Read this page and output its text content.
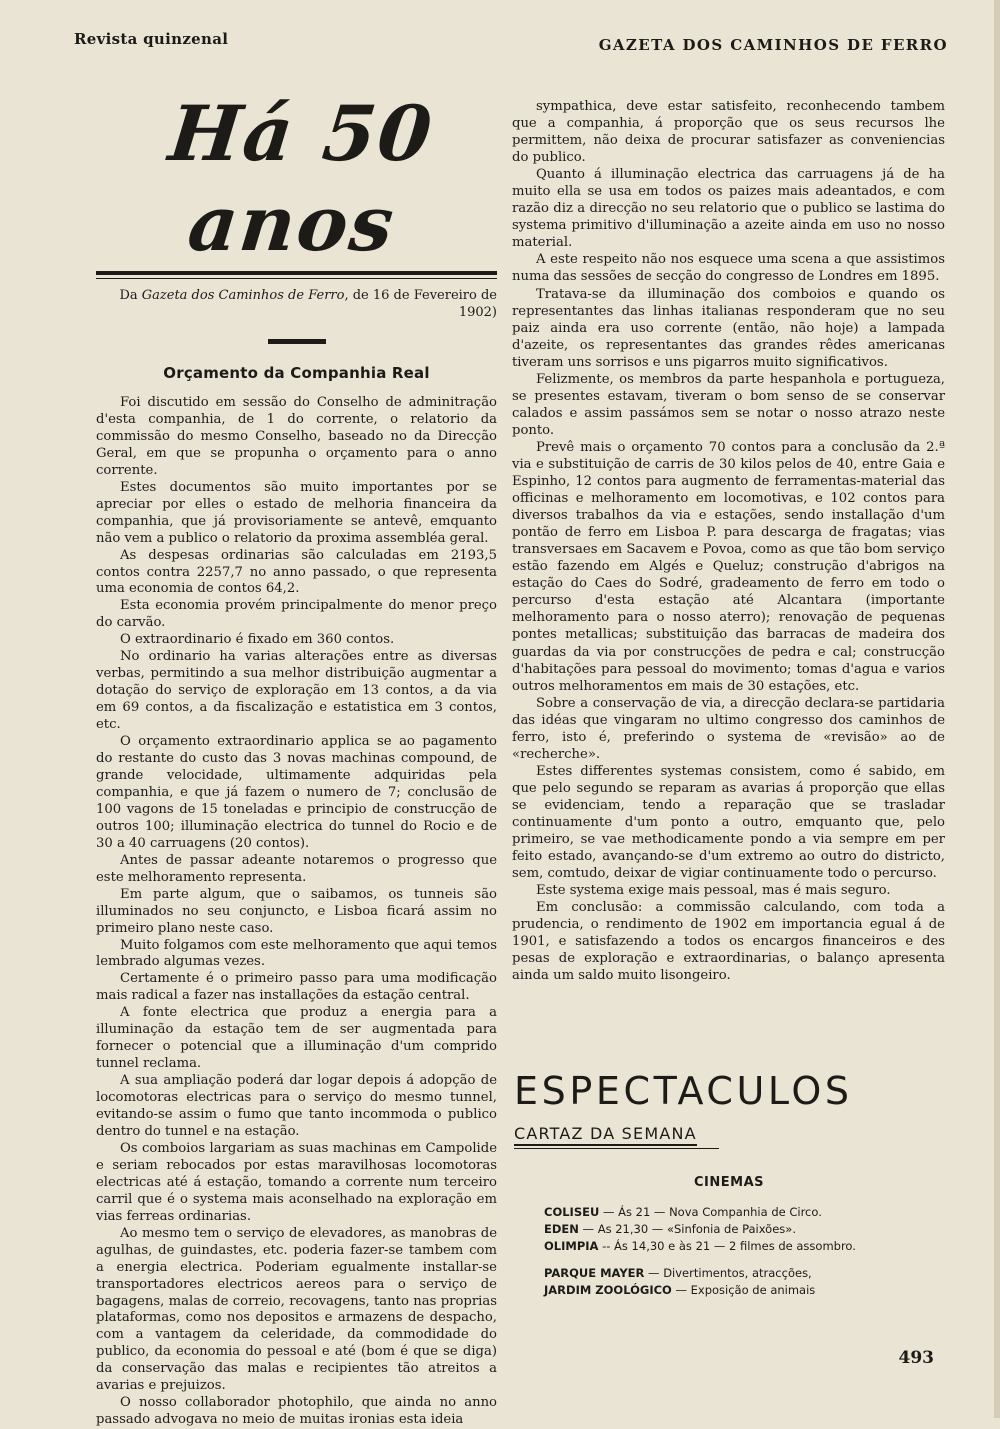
Revista quinzenal	GAZETA DOS CAMINHOS DE FERRO
Há 50 anos
Da Gazeta dos Caminhos de Ferro, de 16 de Fevereiro de 1902)
Orçamento da Companhia Real

Foi discutido em sessão do Conselho de adminitração d'esta companhia, de 1 do corrente, o relatorio da commissão do mesmo Conselho, baseado no da Direcção Geral, em que se propunha o orçamento para o anno corrente.

Estes documentos são muito importantes por se apreciar por elles o estado de melhoria financeira da companhia, que já provisoriamente se antevê, emquanto não vem a publico o relatorio da proxima assembléa geral.

As despesas ordinarias são calculadas em 2193,5 contos contra 2257,7 no anno passado, o que representa uma economia de contos 64,2.

Esta economia provém principalmente do menor preço do carvão.

O extraordinario é fixado em 360 contos.

No ordinario ha varias alterações entre as diversas verbas, permitindo a sua melhor distribuição augmentar a dotação do serviço de exploração em 13 contos, a da via em 69 contos, a da fiscalização e estatistica em 3 contos, etc.

O orçamento extraordinario applica se ao pagamento do restante do custo das 3 novas machinas compound, de grande velocidade, ultimamente adquiridas pela companhia, e que já fazem o numero de 7; conclusão de 100 vagons de 15 toneladas e principio de construcção de outros 100; illuminação electrica do tunnel do Rocio e de 30 a 40 carruagens (20 contos).

Antes de passar adeante notaremos o progresso que este melhoramento representa.

Em parte algum, que o saibamos, os tunneis são illuminados no seu conjuncto, e Lisboa ficará assim no primeiro plano neste caso.

Muito folgamos com este melhoramento que aqui temos lembrado algumas vezes.

Certamente é o primeiro passo para uma modificação mais radical a fazer nas installações da estação central.

A fonte electrica que produz a energia para a illuminação da estação tem de ser augmentada para fornecer o potencial que a illuminação d'um comprido tunnel reclama.

A sua ampliação poderá dar logar depois á adopção de locomotoras electricas para o serviço do mesmo tunnel, evitando-se assim o fumo que tanto incommoda o publico dentro do tunnel e na estação.

Os comboios largariam as suas machinas em Campolide e seriam rebocados por estas maravilhosas locomotoras electricas até á estação, tomando a corrente num terceiro carril que é o systema mais aconselhado na exploração em vias ferreas ordinarias.

Ao mesmo tem o serviço de elevadores, as manobras de agulhas, de guindastes, etc. poderia fazer-se tambem com a energia electrica. Poderiam egualmente installar-se transportadores electricos aereos para o serviço de bagagens, malas de correio, recovagens, tanto nas proprias plataformas, como nos depositos e armazens de despacho, com a vantagem da celeridade, da commodidade do publico, da economia do pessoal e até (bom é que se diga) da conservação das malas e recipientes tão atreitos a avarias e prejuizos.

O nosso collaborador photophilo, que ainda no anno passado advogava no meio de muitas ironias esta ideia

sympathica, deve estar satisfeito, reconhecendo tambem que a companhia, á proporção que os seus recursos lhe permittem, não deixa de procurar satisfazer as conveniencias do publico.

Quanto á illuminação electrica das carruagens já de ha muito ella se usa em todos os paizes mais adeantados, e com razão diz a direcção no seu relatorio que o publico se lastima do systema primitivo d'illuminação a azeite ainda em uso no nosso material.

A este respeito não nos esquece uma scena a que assistimos numa das sessões de secção do congresso de Londres em 1895.

Tratava-se da illuminação dos comboios e quando os representantes das linhas italianas responderam que no seu paiz ainda era uso corrente (então, não hoje) a lampada d'azeite, os representantes das grandes rêdes americanas tiveram uns sorrisos e uns pigarros muito significativos.

Felizmente, os membros da parte hespanhola e portugueza, se presentes estavam, tiveram o bom senso de se conservar calados e assim passámos sem se notar o nosso atrazo neste ponto.

Prevê mais o orçamento 70 contos para a conclusão da 2.ª via e substituição de carris de 30 kilos pelos de 40, entre Gaia e Espinho, 12 contos para augmento de ferramentas-material das officinas e melhoramento em locomotivas, e 102 contos para diversos trabalhos da via e estações, sendo installação d'um pontão de ferro em Lisboa P. para descarga de fragatas; vias transversaes em Sacavem e Povoa, como as que tão bom serviço estão fazendo em Algés e Queluz; construção d'abrigos na estação do Caes do Sodré, gradeamento de ferro em todo o percurso d'esta estação até Alcantara (importante melhoramento para o nosso aterro); renovação de pequenas pontes metallicas; substituição das barracas de madeira dos guardas da via por construcções de pedra e cal; construcção d'habitações para pessoal do movimento; tomas d'agua e varios outros melhoramentos em mais de 30 estações, etc.

Sobre a conservação de via, a direcção declara-se partidaria das idéas que vingaram no ultimo congresso dos caminhos de ferro, isto é, preferindo o systema de «revisão» ao de «recherche».

Estes differentes systemas consistem, como é sabido, em que pelo segundo se reparam as avarias á proporção que ellas se evidenciam, tendo a reparação que se trasladar continuamente d'um ponto a outro, emquanto que, pelo primeiro, se vae methodicamente pondo a via sempre em per feito estado, avançando-se d'um extremo ao outro do districto, sem, comtudo, deixar de vigiar continuamente todo o percurso.

Este systema exige mais pessoal, mas é mais seguro.

Em conclusão: a commissão calculando, com toda a prudencia, o rendimento de 1902 em importancia egual á de 1901, e satisfazendo a todos os encargos financeiros e des pesas de exploração e extraordinarias, o balanço apresenta ainda um saldo muito lisongeiro.

ESPECTACULOS
CARTAZ DA SEMANA
CINEMAS
COLISEU — Ás 21 — Nova Companhia de Circo.
EDEN — As 21,30 — «Sinfonia de Paixões».
OLIMPIA -- Ás 14,30 e às 21 — 2 filmes de assombro.
PARQUE MAYER — Divertimentos, atracções,
JARDIM ZOOLÓGICO — Exposição de animais
493
